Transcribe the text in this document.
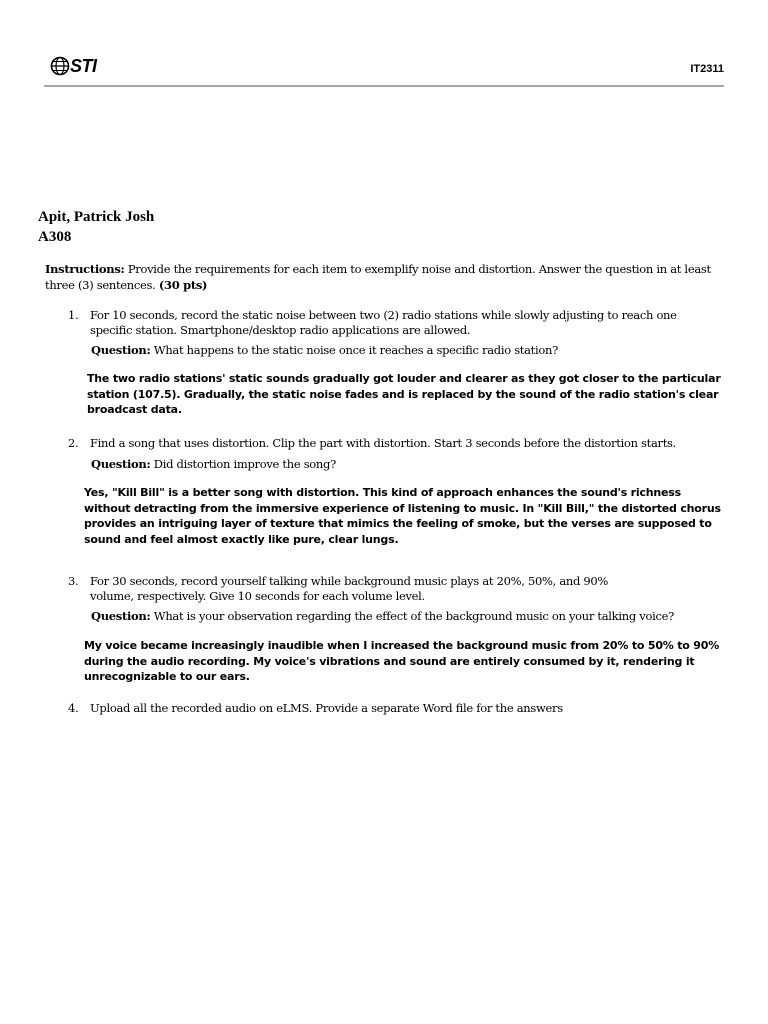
STI	IT2311
Apit, Patrick Josh
A308
Instructions: Provide the requirements for each item to exemplify noise and distortion. Answer the question in at least three (3) sentences. (30 pts)
1. For 10 seconds, record the static noise between two (2) radio stations while slowly adjusting to reach one specific station. Smartphone/desktop radio applications are allowed.
Question: What happens to the static noise once it reaches a specific radio station?
The two radio stations' static sounds gradually got louder and clearer as they got closer to the particular station (107.5). Gradually, the static noise fades and is replaced by the sound of the radio station's clear broadcast data.
2. Find a song that uses distortion. Clip the part with distortion. Start 3 seconds before the distortion starts.
Question: Did distortion improve the song?
Yes, "Kill Bill" is a better song with distortion. This kind of approach enhances the sound's richness without detracting from the immersive experience of listening to music. In "Kill Bill," the distorted chorus provides an intriguing layer of texture that mimics the feeling of smoke, but the verses are supposed to sound and feel almost exactly like pure, clear lungs.
3. For 30 seconds, record yourself talking while background music plays at 20%, 50%, and 90% volume, respectively. Give 10 seconds for each volume level.
Question: What is your observation regarding the effect of the background music on your talking voice?
My voice became increasingly inaudible when I increased the background music from 20% to 50% to 90% during the audio recording. My voice's vibrations and sound are entirely consumed by it, rendering it unrecognizable to our ears.
4. Upload all the recorded audio on eLMS. Provide a separate Word file for the answers
